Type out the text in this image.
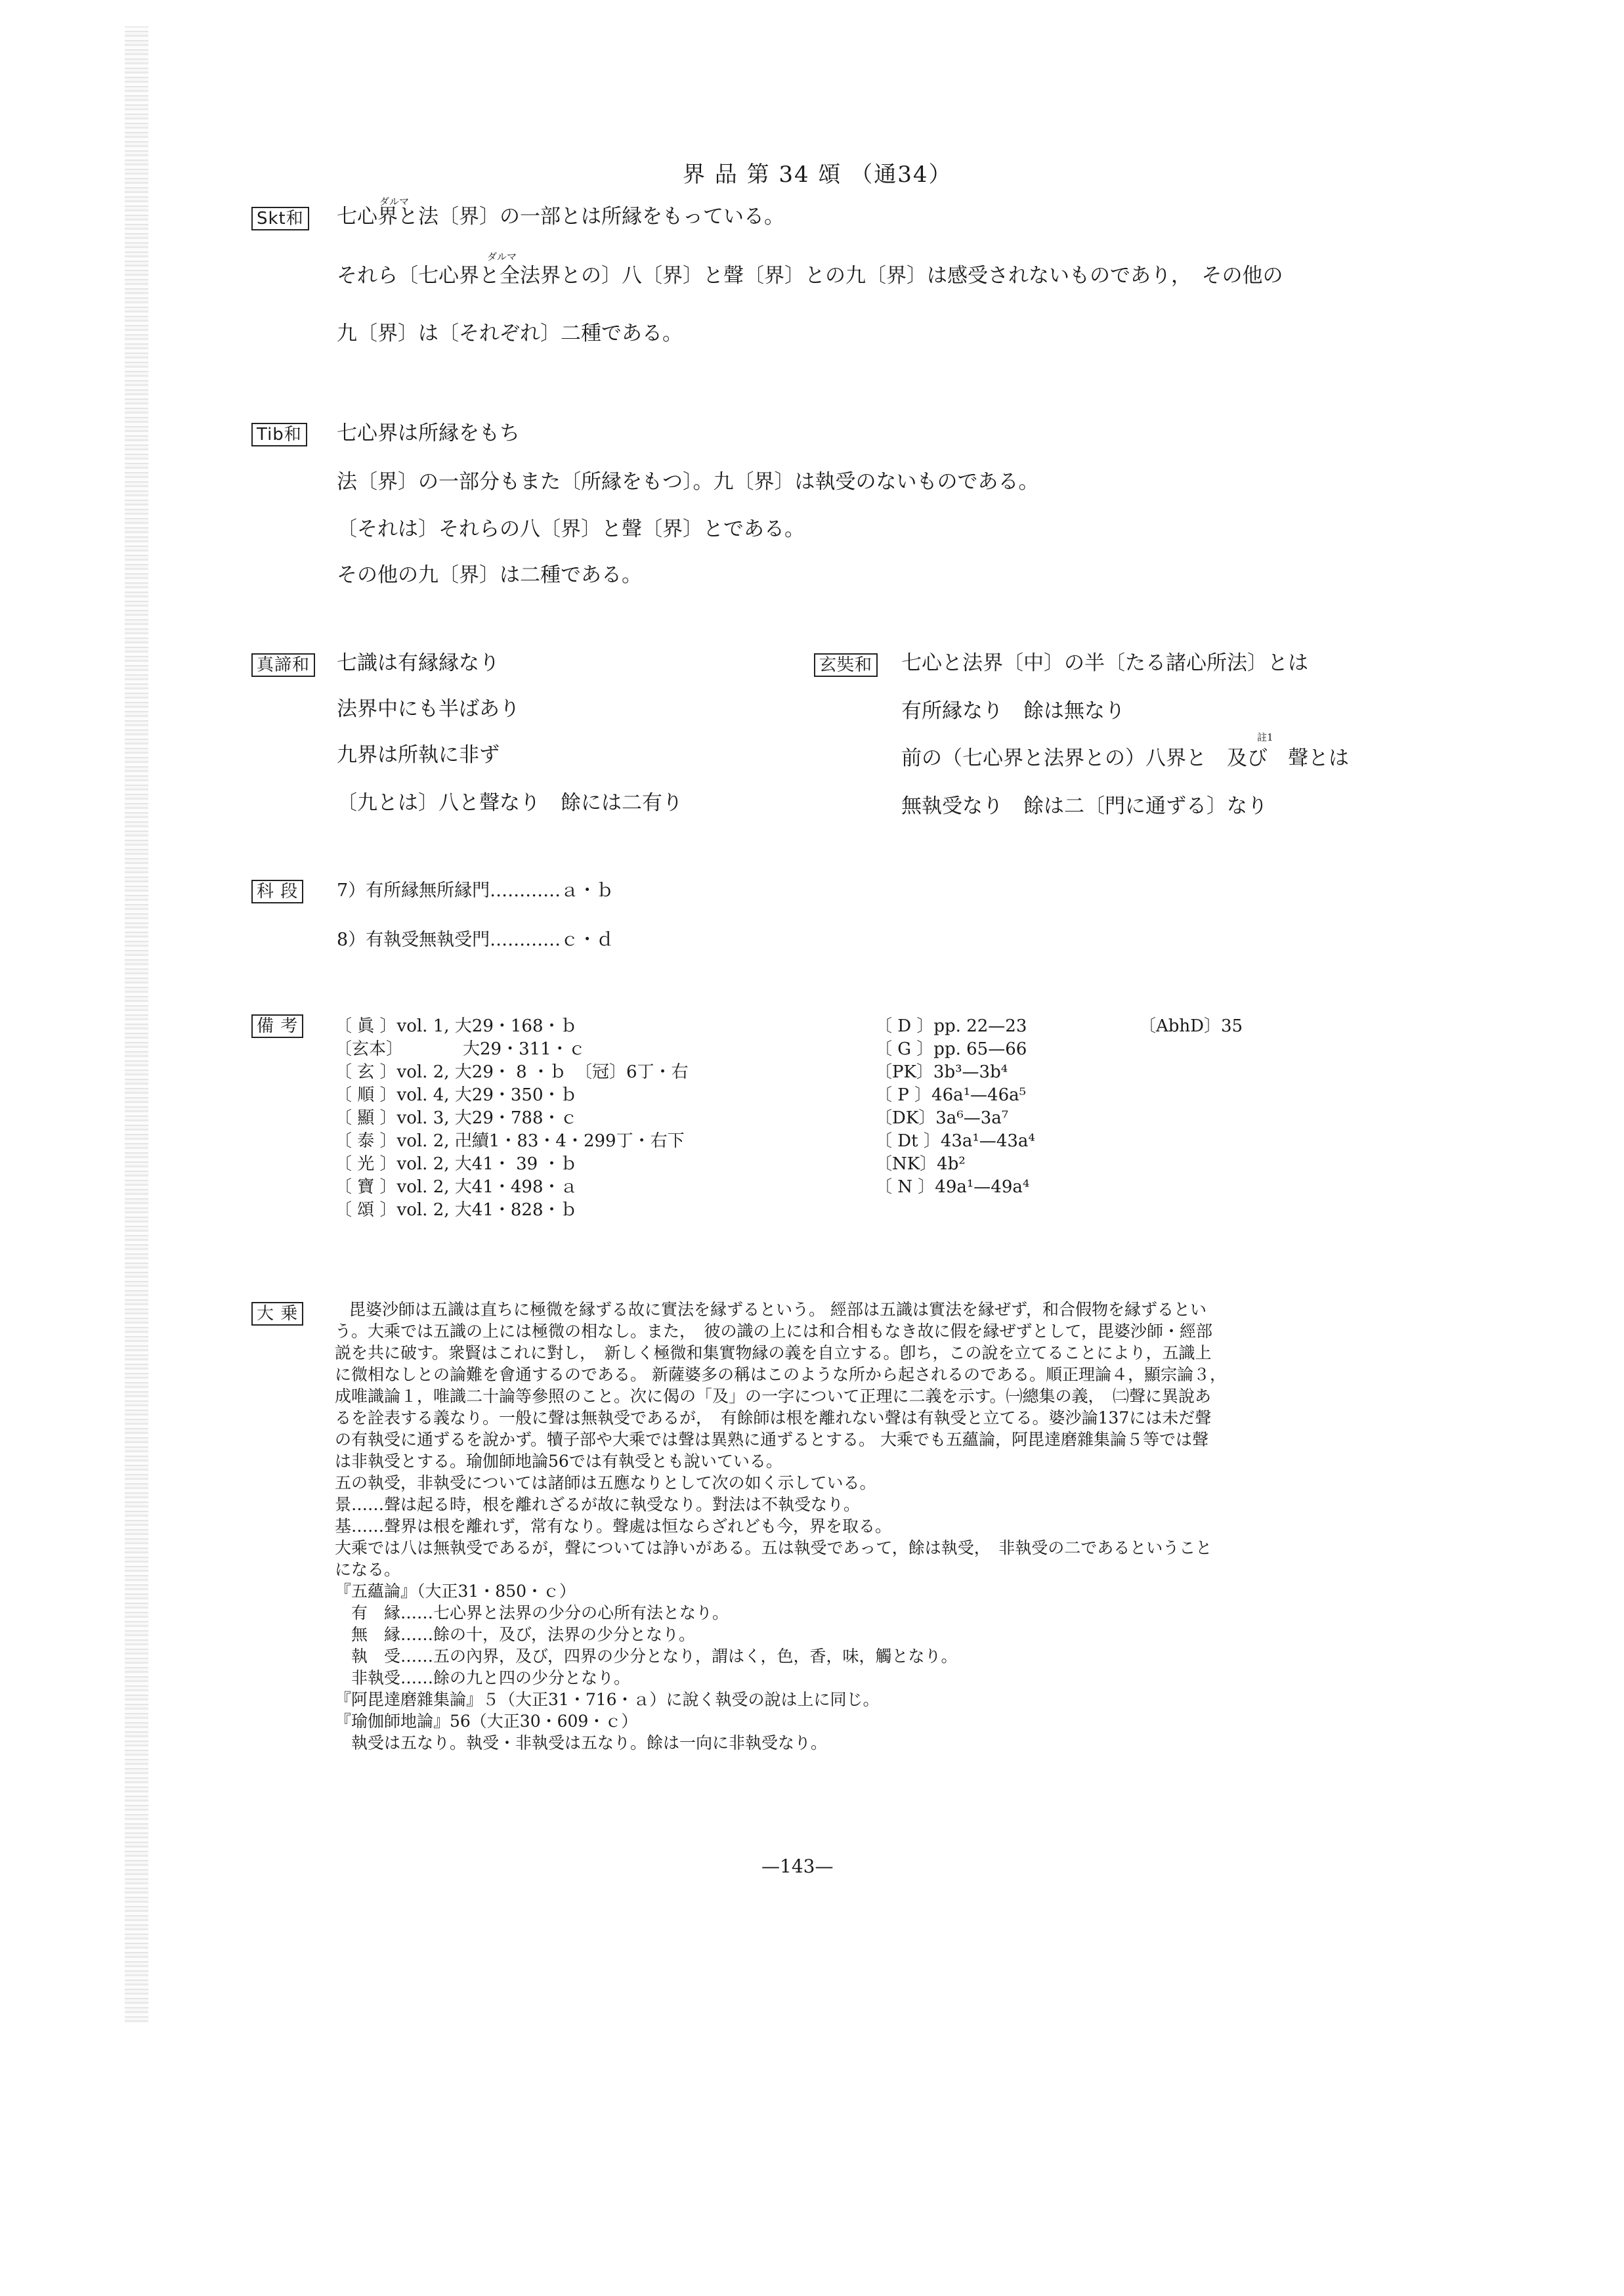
界 品 第 34 頌 （通34）
Skt和
ダルマ
七心界と法〔界〕の一部とは所縁をもっている。
ダルマ
それら〔七心界と全法界との〕八〔界〕と聲〔界〕との九〔界〕は感受されないものであり，　その他の
九〔界〕は〔それぞれ〕二種である。
Tib和 七心界は所縁をもち
法〔界〕の一部分もまた〔所縁をもつ〕。九〔界〕は執受のないものである。
〔それは〕それらの八〔界〕と聲〔界〕とである。
その他の九〔界〕は二種である。
真諦和 七識は有縁縁なり
法界中にも半ばあり
九界は所執に非ず
〔九とは〕八と聲なり　餘には二有り
玄奘和 七心と法界〔中〕の半〔たる諸心所法〕とは
有所縁なり　餘は無なり
註1
前の（七心界と法界との）八界と　及び　聲とは
無執受なり　餘は二〔門に通ずる〕なり
科 段 7）有所縁無所縁門…………ａ・ｂ
8）有執受無執受門…………ｃ・ｄ
備 考	〔 眞 〕vol. 1, 大29・168・ｂ
〔玄本〕　　　　大29・311・ｃ
〔 玄 〕vol. 2, 大29・ 8 ・ｂ　〔冠〕6丁・右
〔 順 〕vol. 4, 大29・350・ｂ
〔 顯 〕vol. 3, 大29・788・ｃ
〔 泰 〕vol. 2, 卍續1・83・4・299丁・右下
〔 光 〕vol. 2, 大41・ 39 ・ｂ
〔 寶 〕vol. 2, 大41・498・ａ
〔 頌 〕vol. 2, 大41・828・ｂ
〔 D 〕pp. 22—23
〔 G 〕pp. 65—66
〔PK〕3b³—3b⁴
〔 P 〕46a¹—46a⁵
〔DK〕3a⁶—3a⁷
〔 Dt 〕43a¹—43a⁴
〔NK〕4b²
〔 N 〕49a¹—49a⁴
〔AbhD〕35
大 乗	毘婆沙師は五識は直ちに極微を縁ずる故に實法を縁ずるという。 經部は五識は實法を縁ぜず，和合假物を縁ずるとい

う。大乘では五識の上には極微の相なし。また，　彼の識の上には和合相もなき故に假を縁ぜずとして，毘婆沙師・經部

説を共に破す。衆賢はこれに對し，　新しく極微和集實物縁の義を自立する。卽ち，この說を立てることにより，五識上

に微相なしとの論難を會通するのである。 新薩婆多の稱はこのような所から起されるのである。順正理論４，顯宗論３，

成唯識論１，唯識二十論等參照のこと。次に偈の「及」の一字について正理に二義を示す。㈠總集の義，　㈡聲に異說あ

るを詮表する義なり。一般に聲は無執受であるが，　有餘師は根を離れない聲は有執受と立てる。婆沙論137には未だ聲

の有執受に通ずるを說かず。犢子部や大乘では聲は異熟に通ずるとする。 大乘でも五蘊論，阿毘達磨雜集論５等では聲

は非執受とする。瑜伽師地論56では有執受とも說いている。

五の執受，非執受については諸師は五應なりとして次の如く示している。

景……聲は起る時，根を離れざるが故に執受なり。對法は不執受なり。

基……聲界は根を離れず，常有なり。聲處は恒ならざれども今，界を取る。

大乘では八は無執受であるが，聲については諍いがある。五は執受であって，餘は執受，　非執受の二であるということ

になる。

『五蘊論』（大正31・850・ｃ）

　有　縁……七心界と法界の少分の心所有法となり。

　無　縁……餘の十，及び，法界の少分となり。

　執　受……五の內界，及び，四界の少分となり，謂はく，色，香，味，觸となり。

　非執受……餘の九と四の少分となり。

『阿毘達磨雜集論』５（大正31・716・ａ）に說く執受の說は上に同じ。

『瑜伽師地論』56（大正30・609・ｃ）

　執受は五なり。執受・非執受は五なり。餘は一向に非執受なり。

—143—
